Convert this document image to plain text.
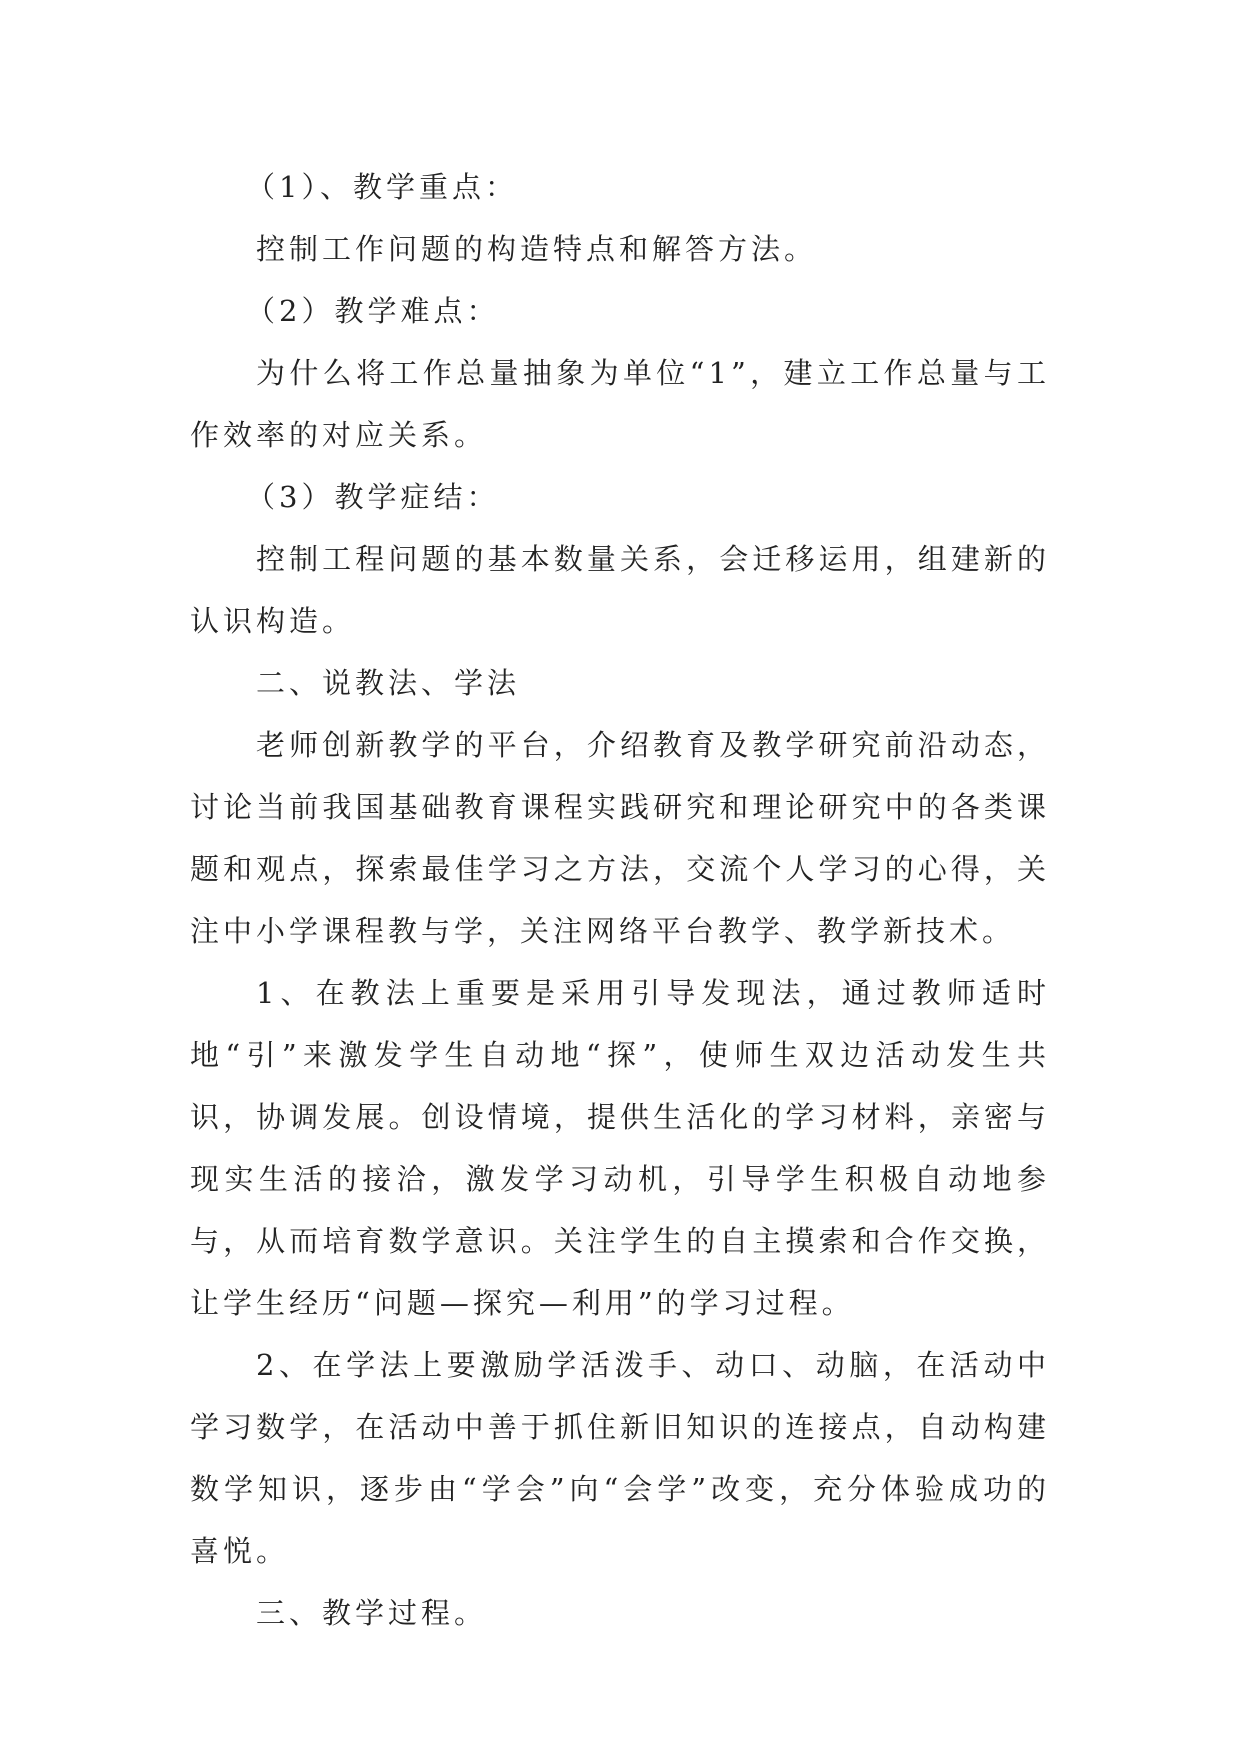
（1）、教学重点：

控制工作问题的构造特点和解答方法。

（2）教学难点：

为什么将工作总量抽象为单位“1”，建立工作总量与工作效率的对应关系。

（3）教学症结：

控制工程问题的基本数量关系，会迁移运用，组建新的认识构造。

二、说教法、学法

老师创新教学的平台，介绍教育及教学研究前沿动态，讨论当前我国基础教育课程实践研究和理论研究中的各类课题和观点，探索最佳学习之方法，交流个人学习的心得，关注中小学课程教与学，关注网络平台教学、教学新技术。

1、在教法上重要是采用引导发现法，通过教师适时地“引”来激发学生自动地“探”，使师生双边活动发生共识，协调发展。创设情境，提供生活化的学习材料，亲密与现实生活的接洽，激发学习动机，引导学生积极自动地参与，从而培育数学意识。关注学生的自主摸索和合作交换，让学生经历“问题—探究—利用”的学习过程。

2、在学法上要激励学活泼手、动口、动脑，在活动中学习数学，在活动中善于抓住新旧知识的连接点，自动构建数学知识，逐步由“学会”向“会学”改变，充分体验成功的喜悦。

三、教学过程。
